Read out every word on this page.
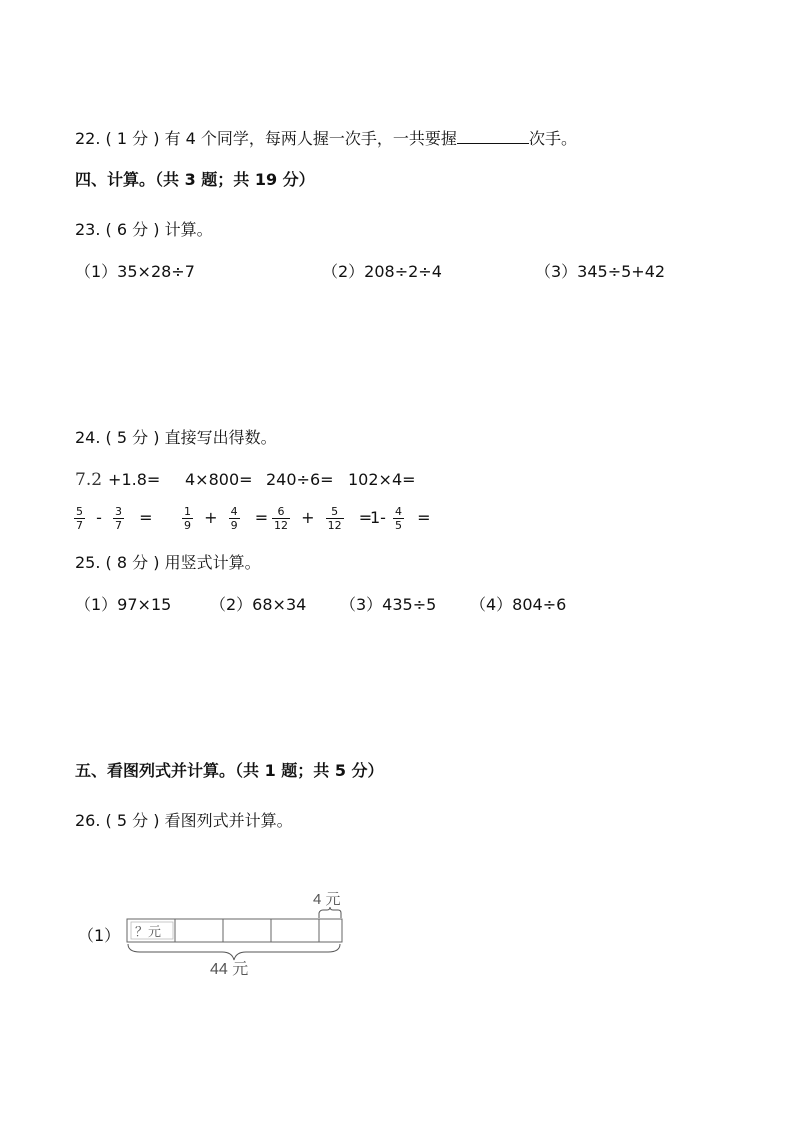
22. ( 1 分 ) 有 4 个同学，每两人握一次手，一共要握	次手。
四、计算。（共 3 题；共 19 分）
23. ( 6 分 ) 计算。
（1）35×28÷7	（2）208÷2÷4	（3）345÷5+42
24. ( 5 分 ) 直接写出得数。
7.2 +1.8= 4×800= 240÷6= 102×4=
$\frac{5}{7} - \frac{3}{7}$ =	$\frac{1}{9} + \frac{4}{9} = \frac{6}{12} + \frac{5}{12}$ =
$1- \frac{4}{5}$ =
25. ( 8 分 ) 用竖式计算。
（1）97×15 （2）68×34 （3）435÷5 （4）804÷6
五、看图列式并计算。（共 1 题；共 5 分）
26. ( 5 分 ) 看图列式并计算。
（1） ？元
4 元
44 元
